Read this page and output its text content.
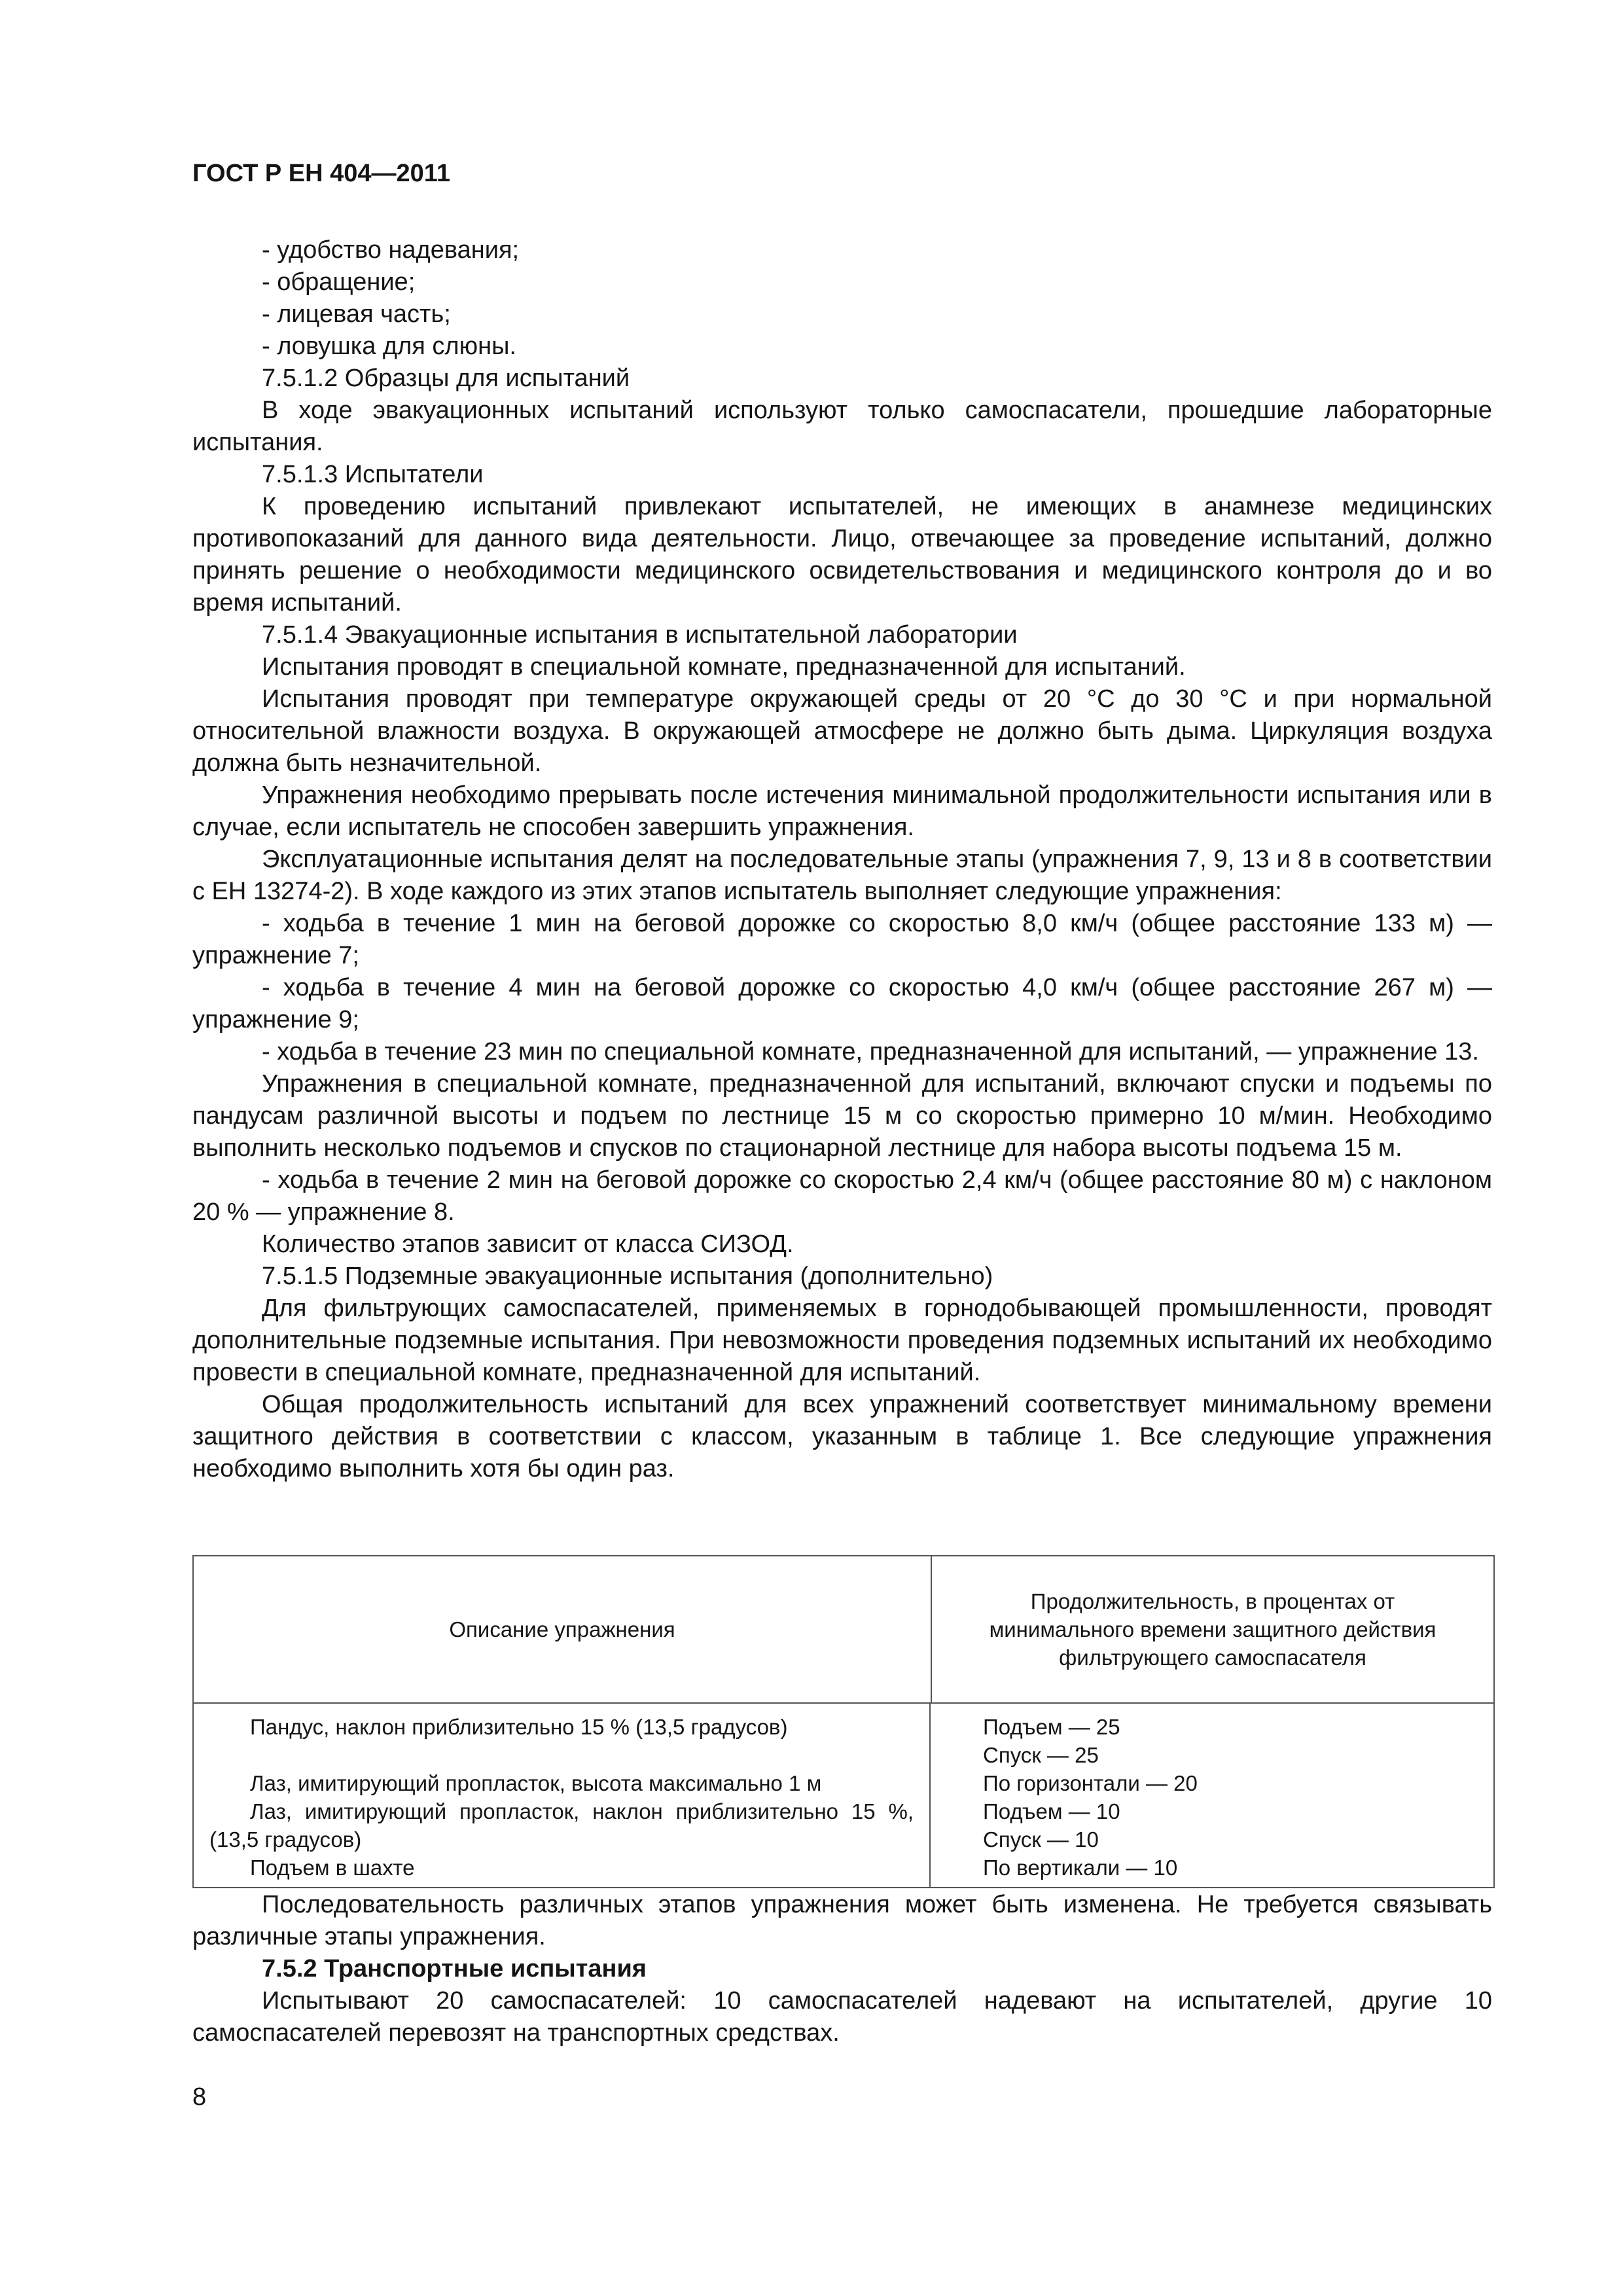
ГОСТ Р ЕН 404—2011

- удобство надевания;

- обращение;

- лицевая часть;

- ловушка для слюны.

7.5.1.2 Образцы для испытаний

В ходе эвакуационных испытаний используют только самоспасатели, прошедшие лабораторные испытания.

7.5.1.3 Испытатели

К проведению испытаний привлекают испытателей, не имеющих в анамнезе медицинских противопоказаний для данного вида деятельности. Лицо, отвечающее за проведение испытаний, должно принять решение о необходимости медицинского освидетельствования и медицинского контроля до и во время испытаний.

7.5.1.4 Эвакуационные испытания в испытательной лаборатории

Испытания проводят в специальной комнате, предназначенной для испытаний.

Испытания проводят при температуре окружающей среды от 20 °С до 30 °С и при нормальной относительной влажности воздуха. В окружающей атмосфере не должно быть дыма. Циркуляция воздуха должна быть незначительной.

Упражнения необходимо прерывать после истечения минимальной продолжительности испытания или в случае, если испытатель не способен завершить упражнения.

Эксплуатационные испытания делят на последовательные этапы (упражнения 7, 9, 13 и 8 в соответствии с ЕН 13274-2). В ходе каждого из этих этапов испытатель выполняет следующие упражнения:

- ходьба в течение 1 мин на беговой дорожке со скоростью 8,0 км/ч (общее расстояние 133 м) — упражнение 7;

- ходьба в течение 4 мин на беговой дорожке со скоростью 4,0 км/ч (общее расстояние 267 м) — упражнение 9;

- ходьба в течение 23 мин по специальной комнате, предназначенной для испытаний, — упражнение 13.

Упражнения в специальной комнате, предназначенной для испытаний, включают спуски и подъемы по пандусам различной высоты и подъем по лестнице 15 м со скоростью примерно 10 м/мин. Необходимо выполнить несколько подъемов и спусков по стационарной лестнице для набора высоты подъема 15 м.

- ходьба в течение 2 мин на беговой дорожке со скоростью 2,4 км/ч (общее расстояние 80 м) с наклоном 20 % — упражнение 8.

Количество этапов зависит от класса СИЗОД.

7.5.1.5 Подземные эвакуационные испытания (дополнительно)

Для фильтрующих самоспасателей, применяемых в горнодобывающей промышленности, проводят дополнительные подземные испытания. При невозможности проведения подземных испытаний их необходимо провести в специальной комнате, предназначенной для испытаний.

Общая продолжительность испытаний для всех упражнений соответствует минимальному времени защитного действия в соответствии с классом, указанным в таблице 1. Все следующие упражнения необходимо выполнить хотя бы один раз.

Описание упражнения
Продолжительность, в процентах от минимального времени защитного действия фильтрующего самоспасателя

Пандус, наклон приблизительно 15 % (13,5 градусов)

Лаз, имитирующий пропласток, высота максимально 1 м

Лаз, имитирующий пропласток, наклон приблизительно 15 %, (13,5 градусов)

Подъем в шахте

Подъем — 25

Спуск — 25

По горизонтали — 20

Подъем — 10

Спуск — 10

По вертикали — 10

Последовательность различных этапов упражнения может быть изменена. Не требуется связывать различные этапы упражнения.

7.5.2 Транспортные испытания

Испытывают 20 самоспасателей: 10 самоспасателей надевают на испытателей, другие 10 самоспасателей перевозят на транспортных средствах.

8
